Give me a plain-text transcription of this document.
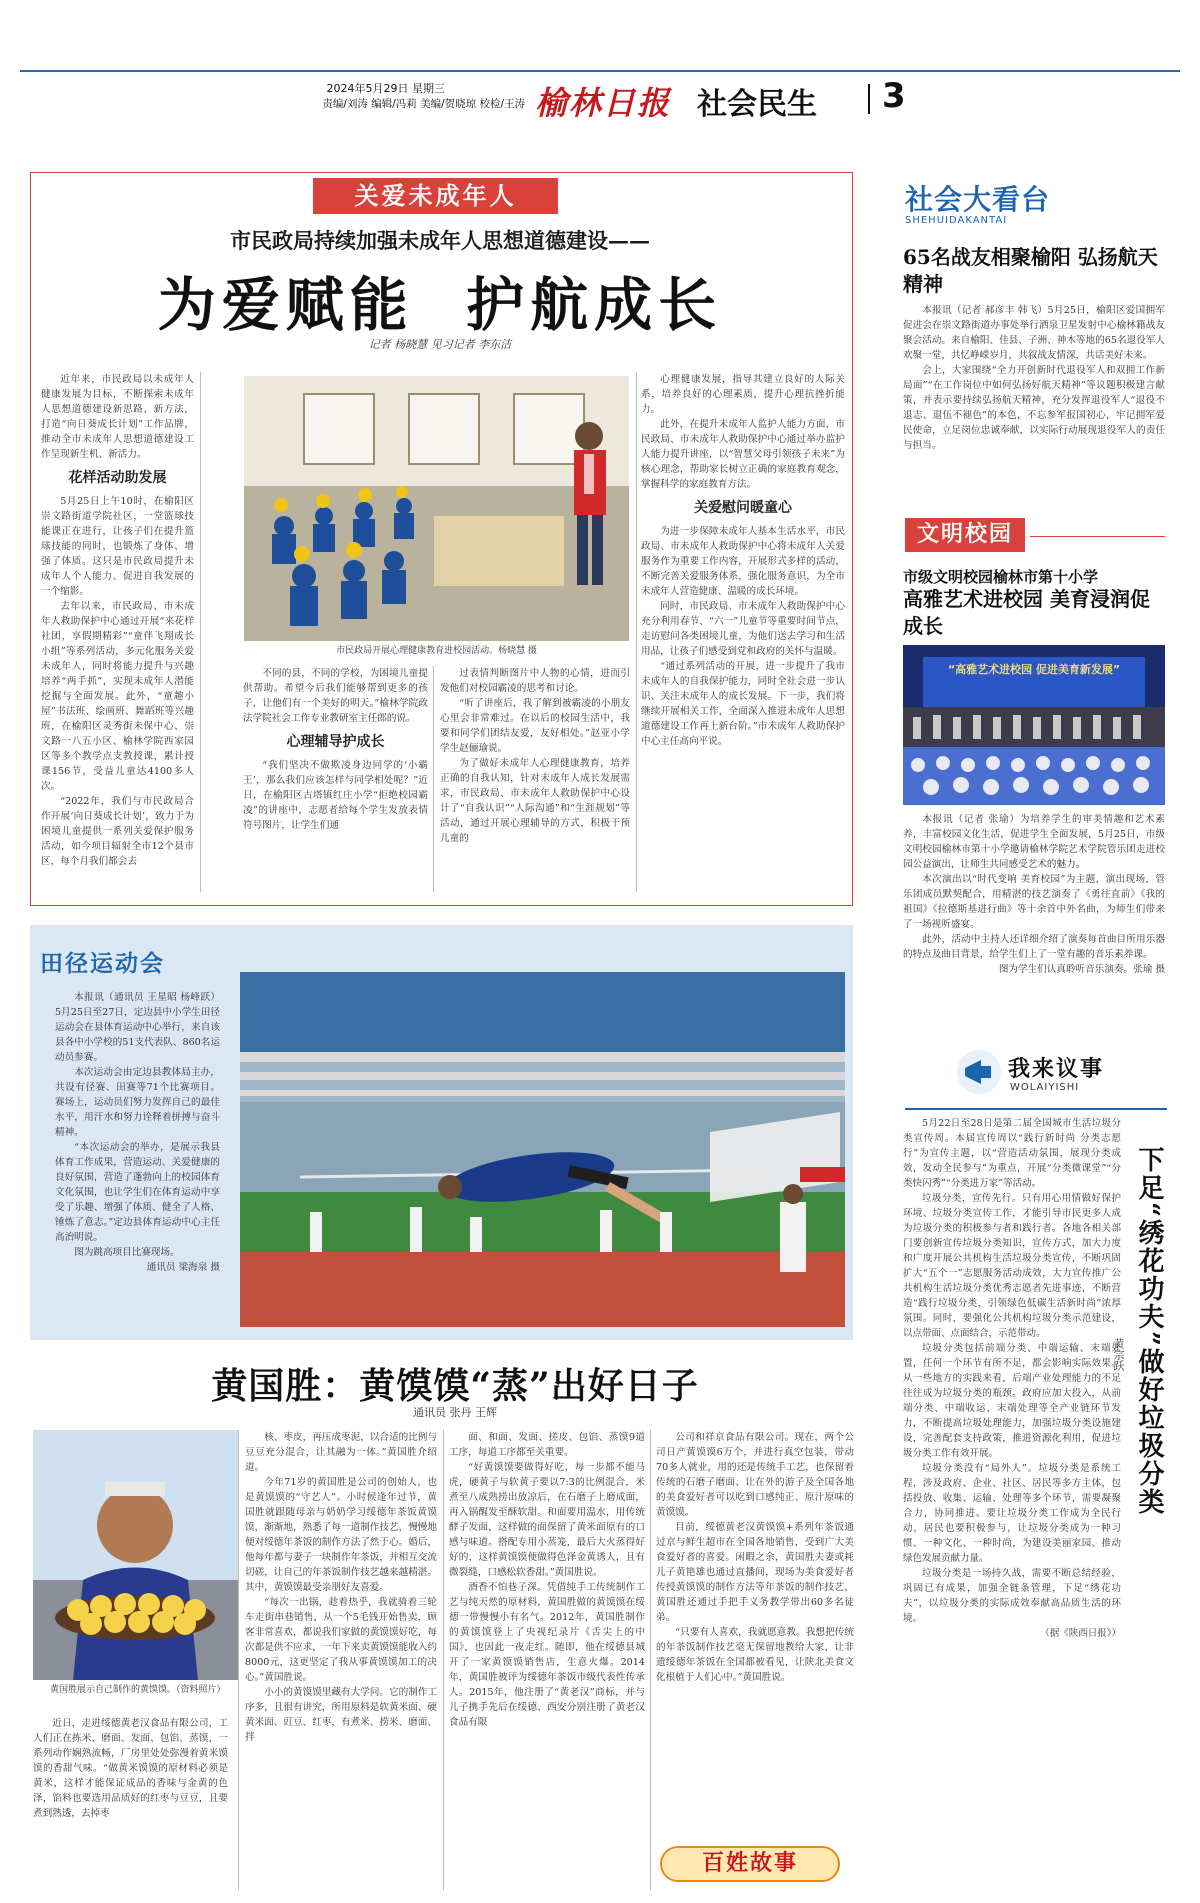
2024年5月29日 星期三
责编/刘涛 编辑/冯莉 美编/贺晓琼 校检/王涛 榆林日报 社会民生 3
关爱未成年人
市民政局持续加强未成年人思想道德建设——
为爱赋能  护航成长
记者 杨晓慧 见习记者 李东洁

近年来，市民政局以未成年人健康发展为目标，不断探索未成年人思想道德建设新思路、新方法，打造“向日葵成长计划”工作品牌，推动全市未成年人思想道德建设工作呈现新生机、新活力。

花样活动助发展

5月25日上午10时，在榆阳区崇文路街道学院社区，一堂篮球技能课正在进行，让孩子们在提升篮球技能的同时，也锻炼了身体、增强了体质。这只是市民政局提升未成年人个人能力、促进自我发展的一个缩影。

去年以来，市民政局、市未成年人救助保护中心通过开展“来花样社团，享假期精彩”“童伴飞翔成长小组”等系列活动，多元化服务关爱未成年人，同时将能力提升与兴趣培养“两手抓”，实现未成年人潜能挖掘与全面发展。此外，“童趣小屋”书法班、绘画班、舞蹈班等兴趣班，在榆阳区灵秀街未保中心、崇文路一八五小区、榆林学院西家园区等多个教学点支教授课，累计授课156节，受益儿童达4100多人次。

“2022年，我们与市民政局合作开展‘向日葵成长计划’，致力于为困境儿童提供一系列关爱保护服务活动，如今项目辐射全市12个县市区，每个月我们都会去

市民政局开展心理健康教育进校园活动。杨晓慧 摄

不同的县，不同的学校，为困境儿童提供帮助。希望今后我们能够帮到更多的孩子，让他们有一个美好的明天。”榆林学院政法学院社会工作专业教研室主任郎的说。

心理辅导护成长

“我们坚决不做欺凌身边同学的‘小霸王’，那么我们应该怎样与同学相处呢？”近日，在榆阳区古塔镇红庄小学“拒绝校园霸凌”的讲座中，志愿者给每个学生发放表情符号图片，让学生们通

过表情判断图片中人物的心情，进而引发他们对校园霸凌的思考和讨论。

“听了讲座后，我了解到被霸凌的小朋友心里会非常难过。在以后的校园生活中，我要和同学们团结友爱，友好相处。”赵亚小学学生赵俪瑜说。

为了做好未成年人心理健康教育，培养正确的自我认知，针对未成年人成长发展需求，市民政局、市未成年人救助保护中心设计了“自我认识”“人际沟通”和“生涯规划”等活动，通过开展心理辅导的方式，积极干预儿童的

心理健康发展，指导其建立良好的人际关系，培养良好的心理素质，提升心理抗挫折能力。

此外，在提升未成年人监护人能力方面，市民政局、市未成年人救助保护中心通过举办监护人能力提升讲座，以“智慧父母引领孩子未来”为核心理念，帮助家长树立正确的家庭教育观念，掌握科学的家庭教育方法。

关爱慰问暖童心

为进一步保障未成年人基本生活水平，市民政局、市未成年人救助保护中心将未成年人关爱服务作为重要工作内容，开展形式多样的活动，不断完善关爱服务体系，强化服务意识，为全市未成年人营造健康、温暖的成长环境。

同时，市民政局、市未成年人救助保护中心充分利用春节、“六一”儿童节等重要时间节点，走访慰问各类困境儿童，为他们送去学习和生活用品，让孩子们感受到党和政府的关怀与温暖。

“通过系列活动的开展，进一步提升了我市未成年人的自我保护能力，同时全社会进一步认识、关注未成年人的成长发展。下一步，我们将继续开展相关工作，全面深入推进未成年人思想道德建设工作再上新台阶。”市未成年人救助保护中心主任高向平说。

田径运动会

本报讯（通讯员 王星昭 杨峰跃）5月25日至27日，定边县中小学生田径运动会在县体育运动中心举行，来自该县各中小学校的51支代表队、860名运动员参赛。

本次运动会由定边县教体局主办，共设有径赛、田赛等71个比赛项目。赛场上，运动员们努力发挥自己的最佳水平，用汗水和努力诠释着拼搏与奋斗精神。

“本次运动会的举办，是展示我县体育工作成果，营造运动、关爱健康的良好氛围，营造了蓬勃向上的校园体育文化氛围，也让学生们在体育运动中享受了乐趣、增强了体质、健全了人格、锤炼了意志。”定边县体育运动中心主任高治明说。

图为跳高项目比赛现场。

通讯员 梁海泉 摄

黄国胜：黄馍馍“蒸”出好日子
通讯员 张丹 王辉
黄国胜展示自己制作的黄馍馍。（资料照片）

近日，走进绥德黄老汉食品有限公司，工人们正在拣米、磨面、发面、包馅、蒸馍，一系列动作娴熟流畅，厂房里处处弥漫着黄米馍馍的香甜气味。“做黄米馍馍的原材料必须是黄米，这样才能保证成品的香味与金黄的色泽，馅料也要选用品质好的红枣与豆豆，且要煮到熟透，去掉枣

核、枣皮，再压成枣泥，以合适的比例与豆豆充分混合，让其融为一体。”黄国胜介绍道。

今年71岁的黄国胜是公司的创始人，也是黄馍馍的“守艺人”。小时候逢年过节，黄国胜就跟随母亲与奶奶学习绥德年茶饭黄馍馍，渐渐地，熟悉了每一道制作技艺，慢慢地便对绥德年茶饭的制作方法了然于心。婚后，他每年都与妻子一块制作年茶饭，并相互交流切磋，让自己的年茶饭制作技艺越来越精湛。其中，黄馍馍最受亲朋好友喜爱。

“每次一出锅，趁着热乎，我就骑着三轮车走街串巷销售，从一个5毛钱开始售卖，顾客非常喜欢，都说我们家做的黄馍馍好吃，每次都是供不应求，一年下来卖黄馍馍能收入约8000元，这更坚定了我从事黄馍馍加工的决心。”黄国胜说。

小小的黄馍馍里藏有大学问。它的制作工序多，且很有讲究，所用原料是软黄米面、硬黄米面、豇豆、红枣，有煮米、捞米、磨面、拌

面、和面、发面、搓皮、包馅、蒸馍9道工序，每道工序都至关重要。

“好黄馍馍要做得好吃，每一步都不能马虎，硬黄子与软黄子要以7:3的比例混合，米煮至八成熟捞出放凉后，在石磨子上磨成面，再入锅醒发至酥软甜。和面要用温水，用传统酵子发面，这样做的面保留了黄米面原有的口感与味道。搭配专用小蒸笼，最后大火蒸得好好的，这样黄馍馍便做得色泽金黄诱人，且有微裂缝，口感松软香甜。”黄国胜说。

酒香不怕巷子深。凭借纯手工传统制作工艺与纯天然的原材料，黄国胜做的黄馍馍在绥德一带慢慢小有名气。2012年，黄国胜制作的黄馍馍登上了央视纪录片《舌尖上的中国》，也因此一夜走红。随即，他在绥德县城开了一家黄馍馍销售店，生意火爆。2014年，黄国胜被评为绥德年茶饭市级代表性传承人。2015年，他注册了“黄老汉”商标，并与儿子携手先后在绥德、西安分别注册了黄老汉食品有限

公司和祥京食品有限公司。现在，两个公司日产黄馍馍6万个，并进行真空包装，带动70多人就业，用的还是传统手工艺，也保留着传统的石磨子磨面、让在外的游子及全国各地的美食爱好者可以吃到口感纯正、原汁原味的黄馍馍。

目前，绥德黄老汉黄馍馍+系列年茶饭通过京与鲜生超市在全国各地销售，受到广大美食爱好者的喜爱。闲暇之余，黄国胜夫妻或耗儿子黄艳雄也通过直播间，现场为美食爱好者传授黄馍馍的制作方法等年茶饭的制作技艺，黄国胜还通过手把手义务教学带出60多名徒弟。

“只要有人喜欢，我就愿意教。我想把传统的年茶饭制作技艺毫无保留地教给大家，让非遗绥德年茶饭在全国都被看见，让陕北美食文化根植于人们心中。”黄国胜说。

百姓故事
社会大看台
SHEHUIDAKANTAI
65名战友相聚榆阳 弘扬航天精神

本报讯（记者 郝彦丰 韩飞）5月25日，榆阳区爱国拥军促进会在崇文路街道办事处举行洒泉卫星发射中心榆林籍战友聚会活动。来自榆阳、佳县、子洲、神木等地的65名退役军人欢聚一堂，共忆峥嵘岁月，共叙战友情深，共话美好未来。

会上，大家围绕“全力开创新时代退役军人和双拥工作新局面”“在工作岗位中如何弘扬好航天精神”等议题积极建言献策，并表示要持续弘扬航天精神，充分发挥退役军人“退役不退志、退伍不褪色”的本色，不忘参军报国初心，牢记拥军爱民使命，立足岗位忠诚奉献，以实际行动展现退役军人的责任与担当。

文明校园
市级文明校园榆林市第十小学
高雅艺术进校园 美育浸润促成长
“高雅艺术进校园 促进美育新发展”

本报讯（记者 张瑜）为培养学生的审美情趣和艺术素养，丰富校园文化生活，促进学生全面发展，5月25日，市级文明校园榆林市第十小学邀请榆林学院艺术学院管乐团走进校园公益演出，让师生共同感受艺术的魅力。

本次演出以“时代变响 美育校园”为主题，演出现场，管乐团成员默契配合，用精湛的技艺演奏了《勇往直前》《我的祖国》《拉德斯基进行曲》等十余首中外名曲，为师生们带来了一场视听盛宴。

此外，活动中主持人还详细介绍了演奏每首曲目所用乐器的特点及曲目背景，给学生们上了一堂有趣的音乐素养课。

图为学生们认真聆听音乐演奏。张瑜 摄

我来议事
WOLAIYISHI

5月22日至28日是第二届全国城市生活垃圾分类宣传周。本届宣传周以“践行新时尚 分类志愿行”为宣传主题，以“营造活动氛围，展现分类成效，发动全民参与”为重点，开展“分类微课堂”“分类快闪秀”“分类进万家”等活动。

垃圾分类，宣传先行。只有用心用情做好保护环境、垃圾分类宣传工作，才能引导市民更多人成为垃圾分类的积极参与者和践行者。各地各相关部门要创新宣传垃圾分类知识，宣传方式，加大力度和广度开展公共机构生活垃圾分类宣传，不断巩固扩大“五个一”志愿服务活动成效，大力宣传推广公共机构生活垃圾分类优秀志愿者先进事迹，不断营造“践行垃圾分类，引领绿色低碳生活新时尚”浓厚氛围。同时，要强化公共机构垃圾分类示范建设，以点带面、点面结合，示范带动。

垃圾分类包括前端分类、中端运输、末端处置，任何一个环节有所不足，都会影响实际效果。从一些地方的实践来看，后端产业处理能力的不足往往成为垃圾分类的瓶颈。政府应加大投入，从前端分类、中端收运、末端处理等全产业链环节发力，不断提高垃圾处理能力，加强垃圾分类设施建设，完善配套支持政策，推进资源化利用，促进垃圾分类工作有效开展。

垃圾分类没有“局外人”。垃圾分类是系统工程，涉及政府、企业、社区、居民等多方主体，包括投放、收集、运输、处理等多个环节，需要凝聚合力，协同推进。要让垃圾分类工作成为全民行动，居民也要积极参与，让垃圾分类成为一种习惯、一种文化、一种时尚，为建设美丽家园、推动绿色发展贡献力量。

垃圾分类是一场持久战，需要不断总结经验，巩固已有成果，加强全链条管理，下足“绣花功夫”，以垃圾分类的实际成效奉献高品质生活的环境。

（据《陕西日报》）

下足“绣花功夫”做好垃圾分类
黄宗跃
